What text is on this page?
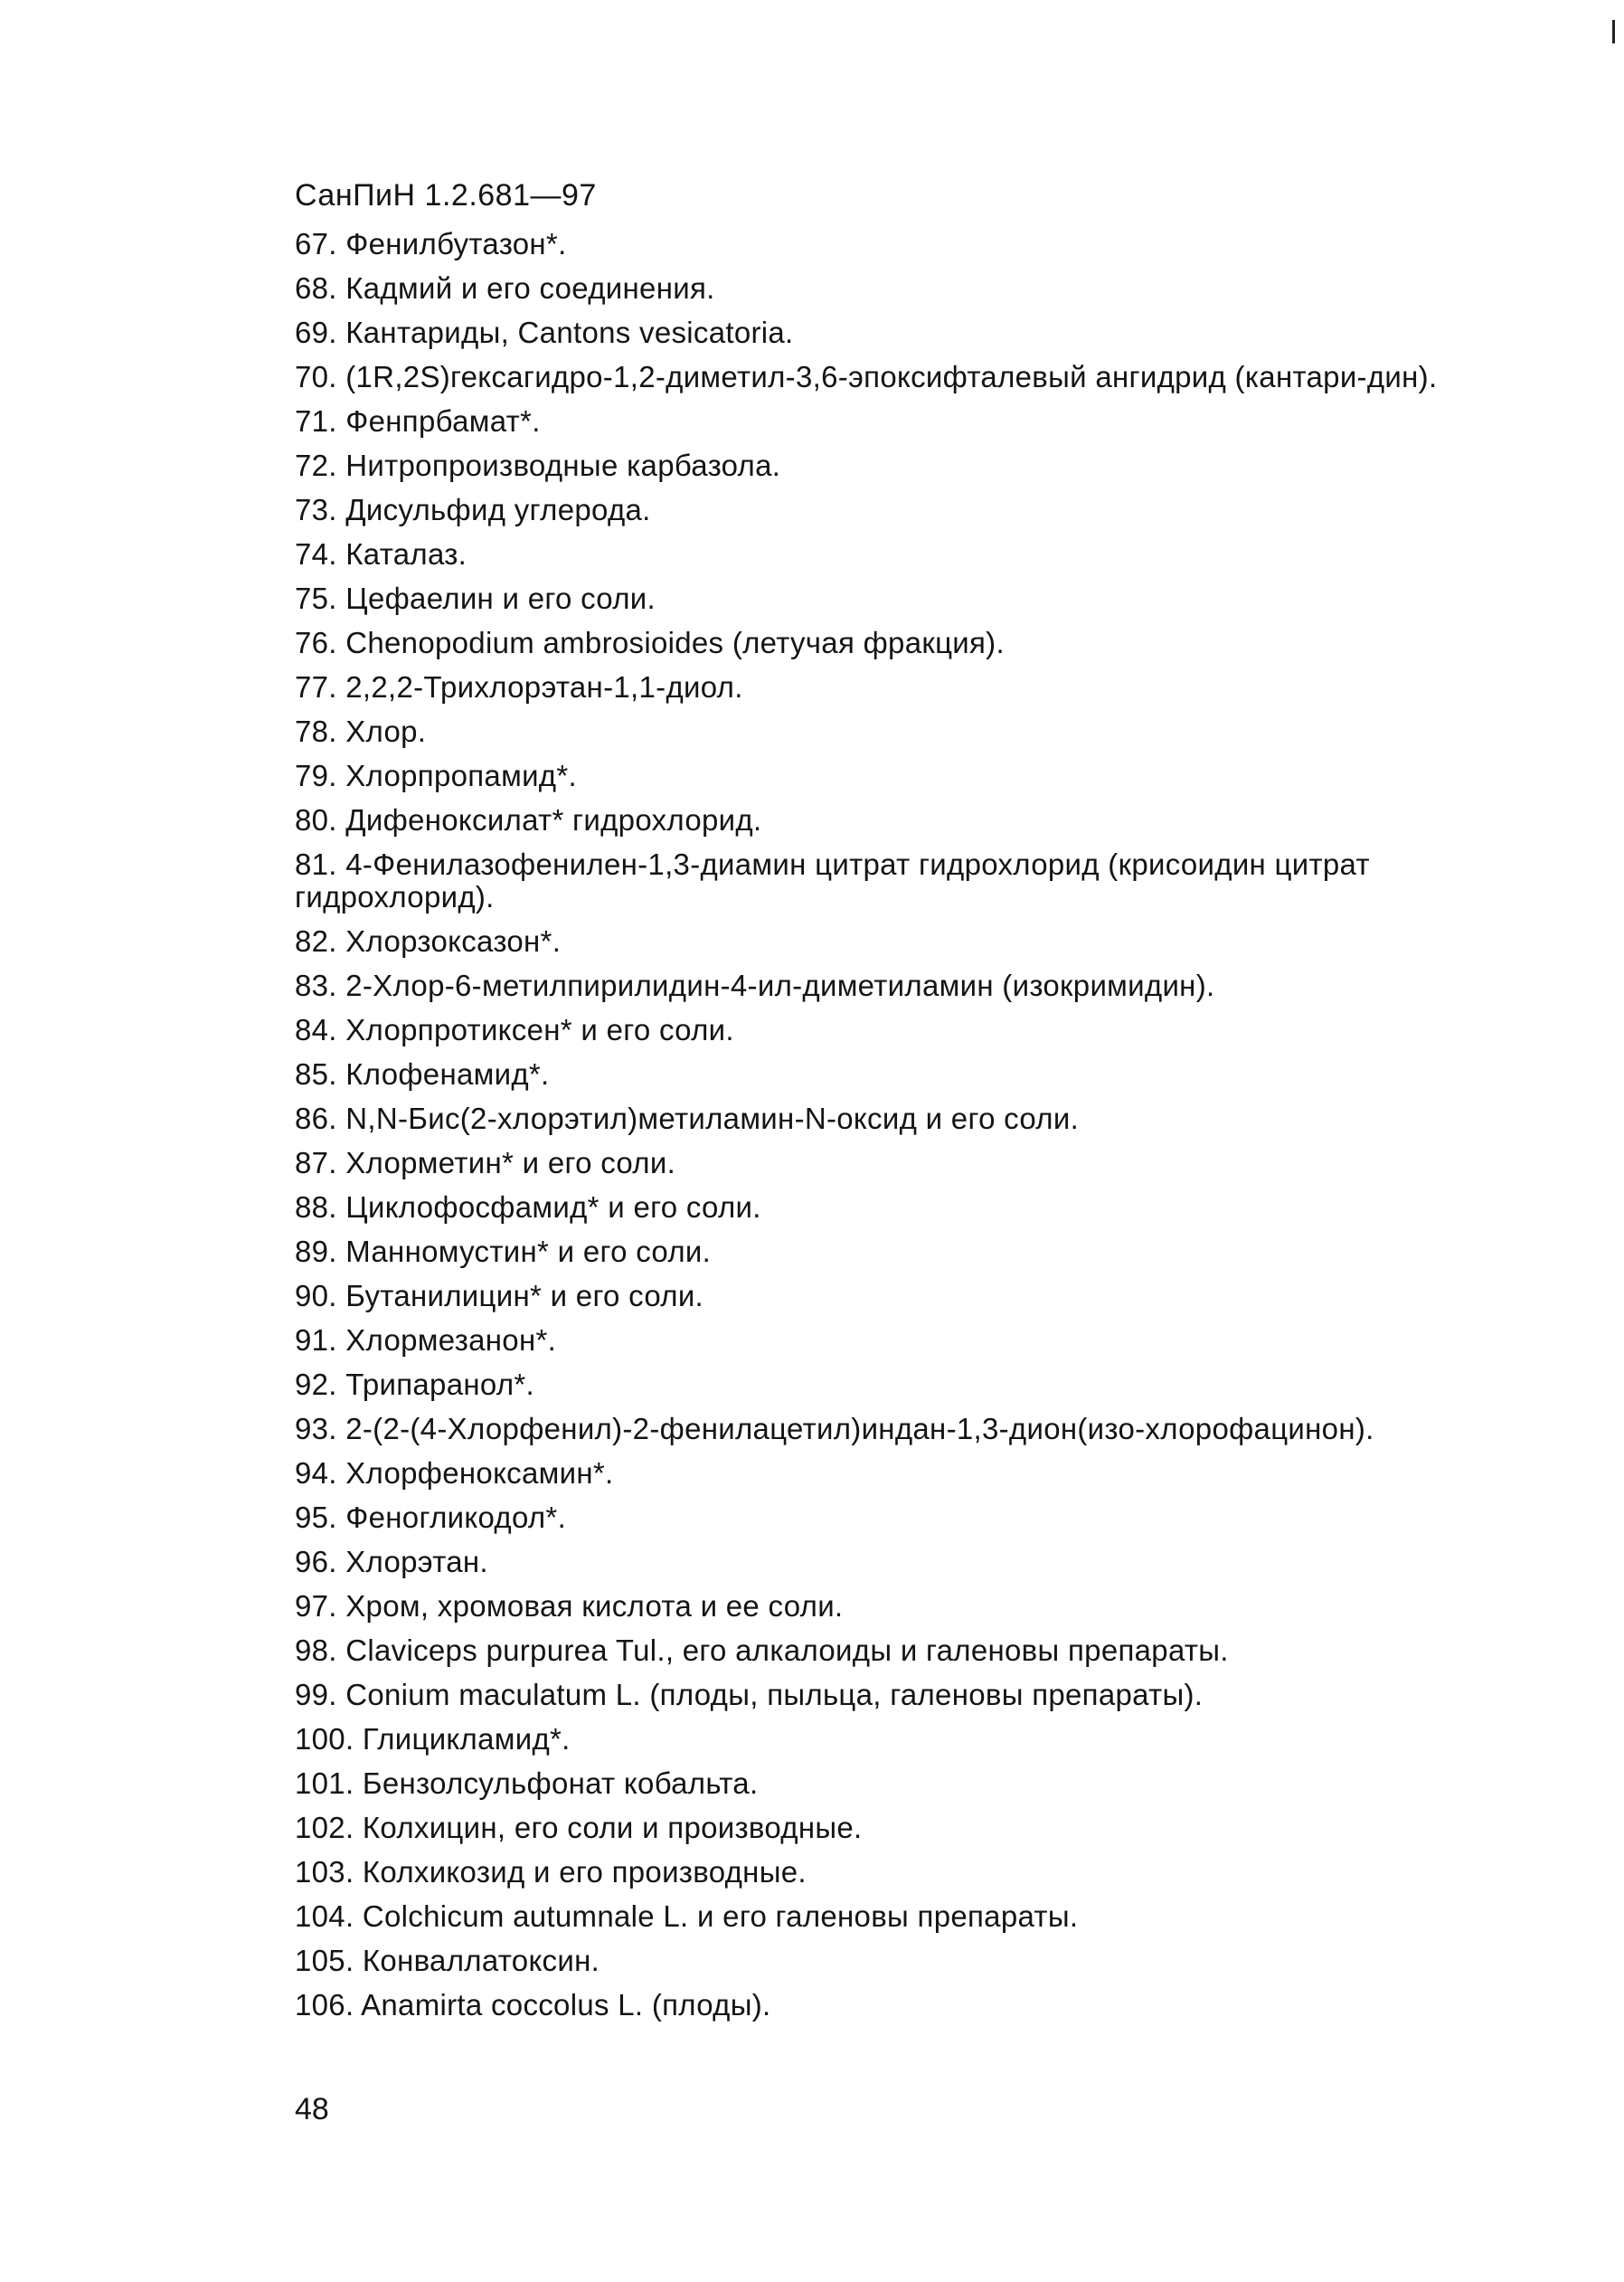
СанПиН 1.2.681—97
67. Фенилбутазон*.
68. Кадмий и его соединения.
69. Кантариды, Cantons vesicatoria.
70. (1R,2S)гексагидро-1,2-диметил-3,6-эпоксифталевый ангидрид (кантари-дин).
71. Фенпрбамат*.
72. Нитропроизводные карбазола.
73. Дисульфид углерода.
74. Каталаз.
75. Цефаелин и его соли.
76. Chenopodium ambrosioides (летучая фракция).
77. 2,2,2-Трихлорэтан-1,1-диол.
78. Хлор.
79. Хлорпропамид*.
80. Дифеноксилат* гидрохлорид.
81. 4-Фенилазофенилен-1,3-диамин цитрат гидрохлорид (крисоидин цитрат гидрохлорид).
82. Хлорзоксазон*.
83. 2-Хлор-6-метилпирилидин-4-ил-диметиламин (изокримидин).
84. Хлорпротиксен* и его соли.
85. Клофенамид*.
86. N,N-Бис(2-хлорэтил)метиламин-N-оксид и его соли.
87. Хлорметин* и его соли.
88. Циклофосфамид* и его соли.
89. Манномустин* и его соли.
90. Бутанилицин* и его соли.
91. Хлормезанон*.
92. Трипаранол*.
93. 2-(2-(4-Хлорфенил)-2-фенилацетил)индан-1,3-дион(изо-хлорофацинон).
94. Хлорфеноксамин*.
95. Феногликодол*.
96. Хлорэтан.
97. Хром, хромовая кислота и ее соли.
98. Claviceps purpurea Tul., его алкалоиды и галеновы препараты.
99. Conium maculatum L. (плоды, пыльца, галеновы препараты).
100. Глицикламид*.
101. Бензолсульфонат кобальта.
102. Колхицин, его соли и производные.
103. Колхикозид и его производные.
104. Colchicum autumnale L. и его галеновы препараты.
105. Конваллатоксин.
106. Anamirta coccolus L. (плоды).
48
